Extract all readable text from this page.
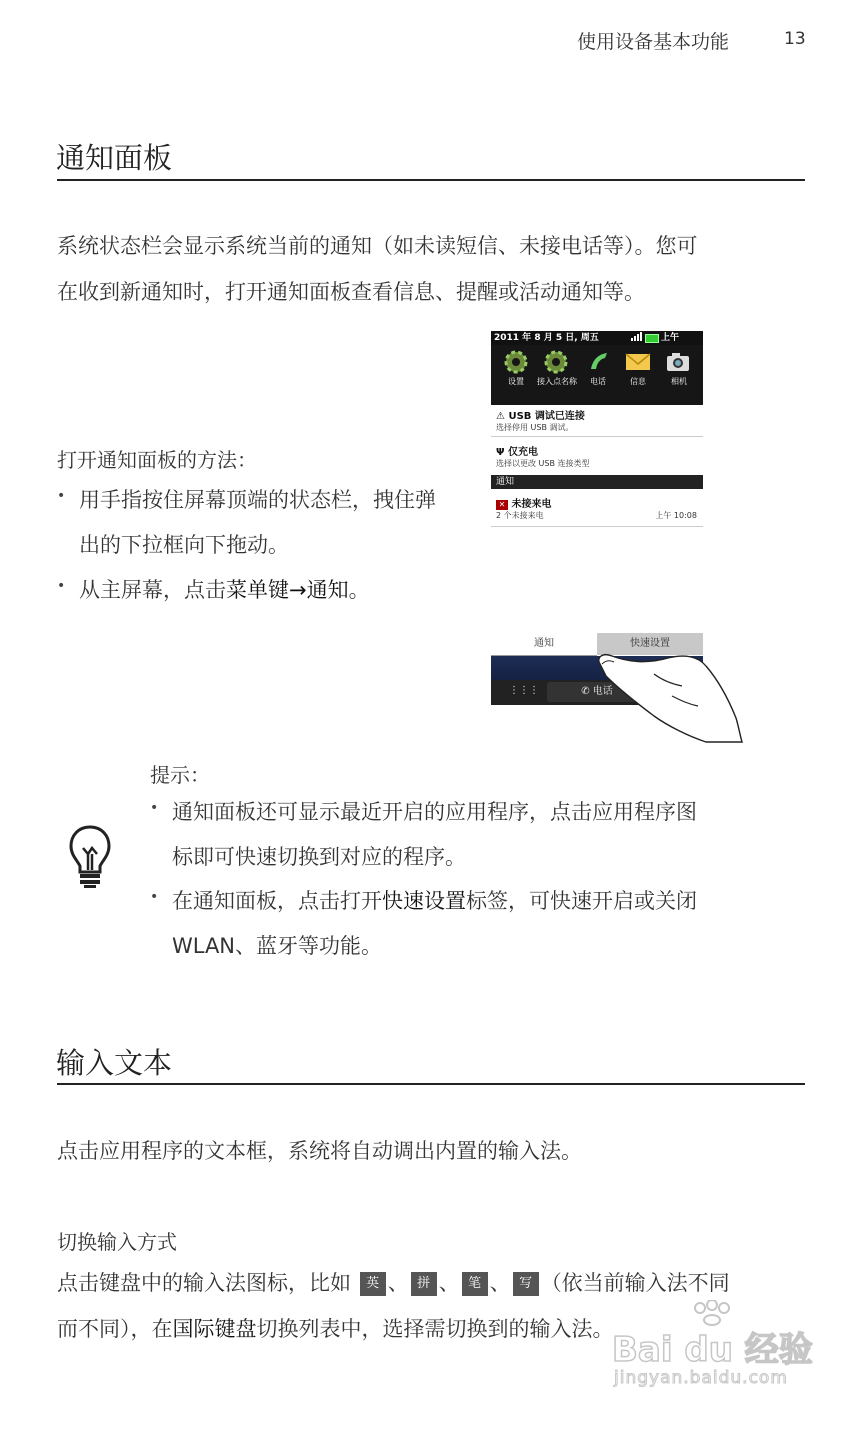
使用设备基本功能	13
通知面板
系统状态栏会显示系统当前的通知（如未读短信、未接电话等）。您可
在收到新通知时，打开通知面板查看信息、提醒或活动通知等。
打开通知面板的方法：
• 用手指按住屏幕顶端的状态栏，拽住弹
出的下拉框向下拖动。
• 从主屏幕，点击菜单键→通知。
2011 年 8 月 5 日, 周五	上午
设置	接入点名称	电话	信息	相机
⚠ USB 调试已连接
选择停用 USB 调试。
Ψ 仅充电
选择以更改 USB 连接类型
通知
✕ 未接来电
2 个未接来电	上午 10:08
通知	快速设置
⋮⋮⋮	✆ 电话
提示：
• 通知面板还可显示最近开启的应用程序，点击应用程序图
标即可快速切换到对应的程序。
• 在通知面板，点击打开快速设置标签，可快速开启或关闭
WLAN、蓝牙等功能。
输入文本
点击应用程序的文本框，系统将自动调出内置的输入法。
切换输入方式
点击键盘中的输入法图标，比如 英 、 拼 、 笔 、 写 （依当前输入法不同
而不同），在国际键盘切换列表中，选择需切换到的输入法。
Bai du 经验
jingyan.baidu.com
